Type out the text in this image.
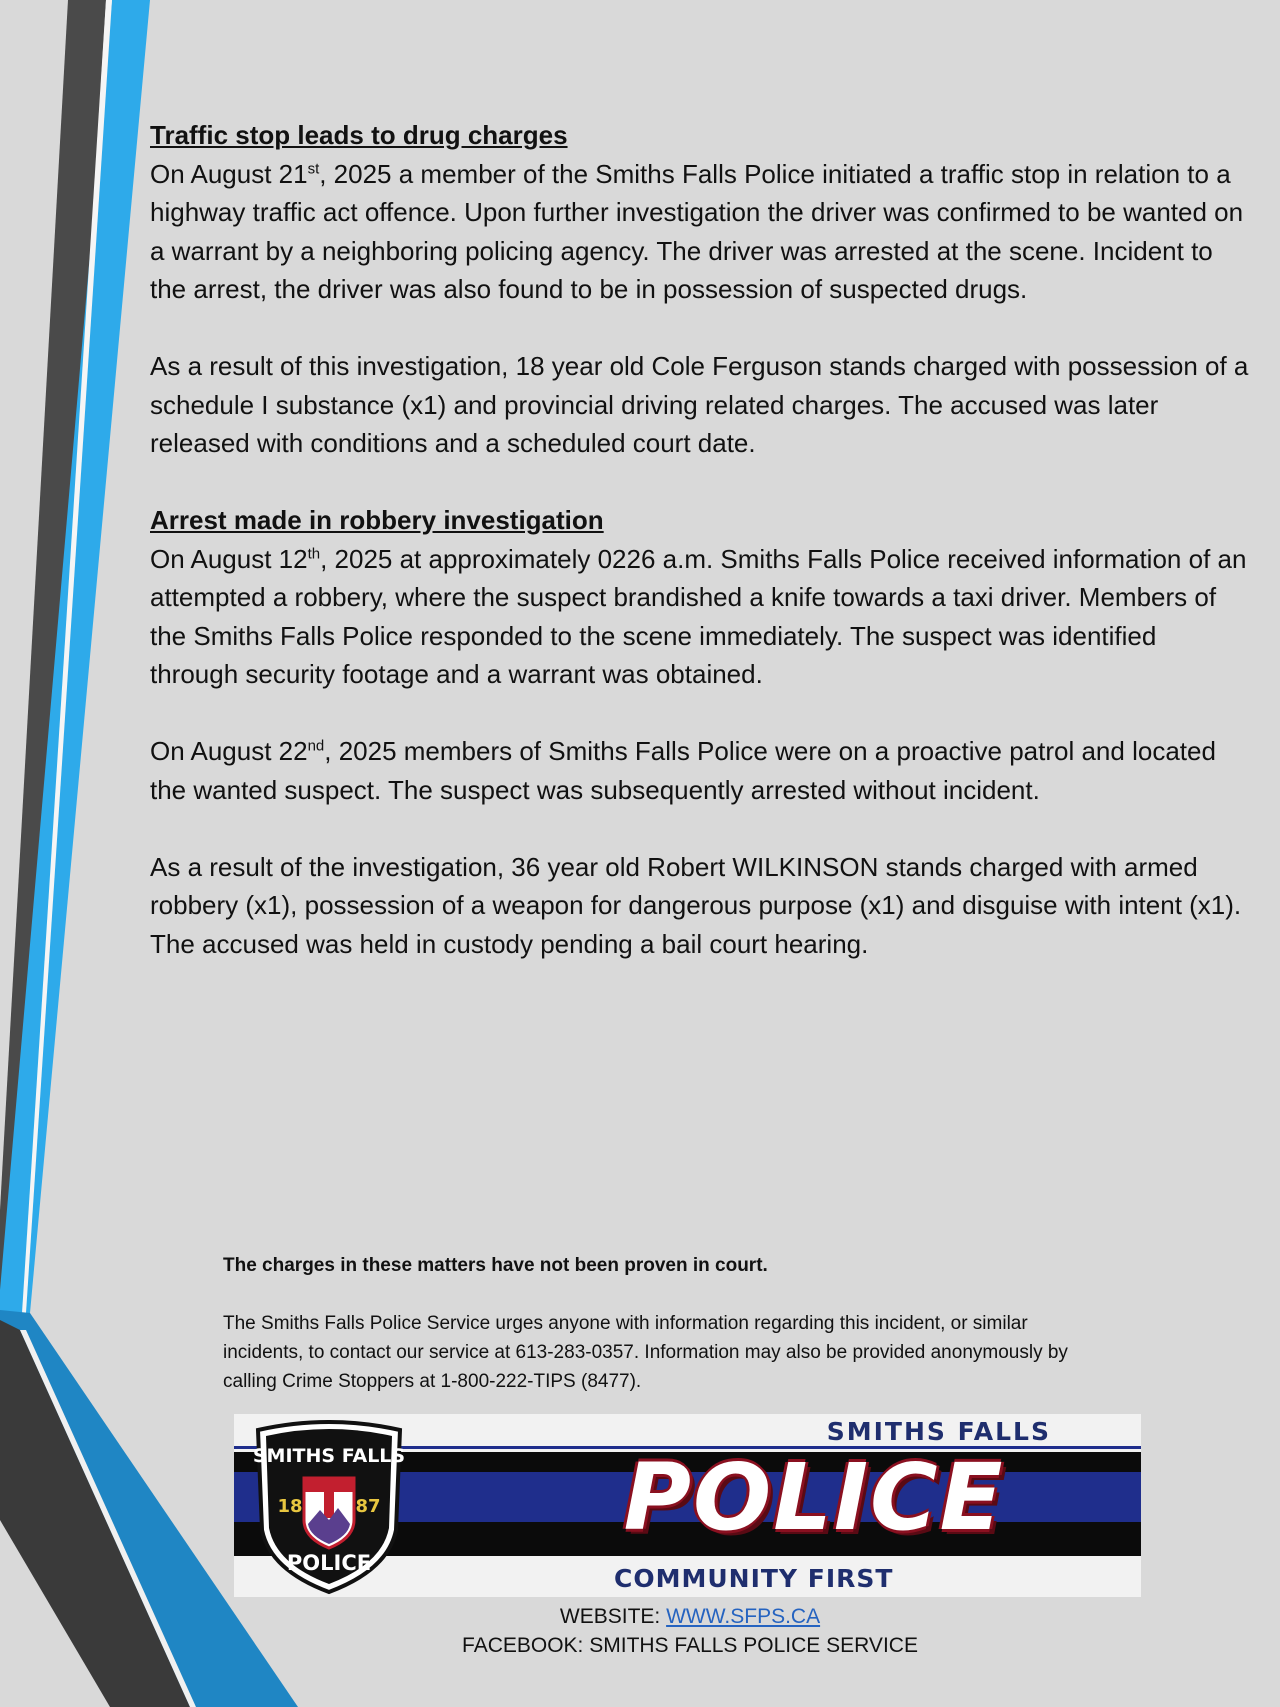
Traffic stop leads to drug charges
On August 21st, 2025 a member of the Smiths Falls Police initiated a traffic stop in relation to a highway traffic act offence. Upon further investigation the driver was confirmed to be wanted on a warrant by a neighboring policing agency. The driver was arrested at the scene. Incident to the arrest, the driver was also found to be in possession of suspected drugs.
As a result of this investigation, 18 year old Cole Ferguson stands charged with possession of a schedule I substance (x1) and provincial driving related charges. The accused was later released with conditions and a scheduled court date.
Arrest made in robbery investigation
On August 12th, 2025 at approximately 0226 a.m. Smiths Falls Police received information of an attempted a robbery, where the suspect brandished a knife towards a taxi driver. Members of the Smiths Falls Police responded to the scene immediately. The suspect was identified through security footage and a warrant was obtained.
On August 22nd, 2025 members of Smiths Falls Police were on a proactive patrol and located the wanted suspect. The suspect was subsequently arrested without incident.
As a result of the investigation, 36 year old Robert WILKINSON stands charged with armed robbery (x1), possession of a weapon for dangerous purpose (x1) and disguise with intent (x1). The accused was held in custody pending a bail court hearing.
The charges in these matters have not been proven in court.
The Smiths Falls Police Service urges anyone with information regarding this incident, or similar incidents, to contact our service at 613-283-0357. Information may also be provided anonymously by calling Crime Stoppers at 1-800-222-TIPS (8477).
SMITHS FALLS
POLICE
COMMUNITY FIRST
SMITHS FALLS
18	87
POLICE
WEBSITE: WWW.SFPS.CA
FACEBOOK: SMITHS FALLS POLICE SERVICE
